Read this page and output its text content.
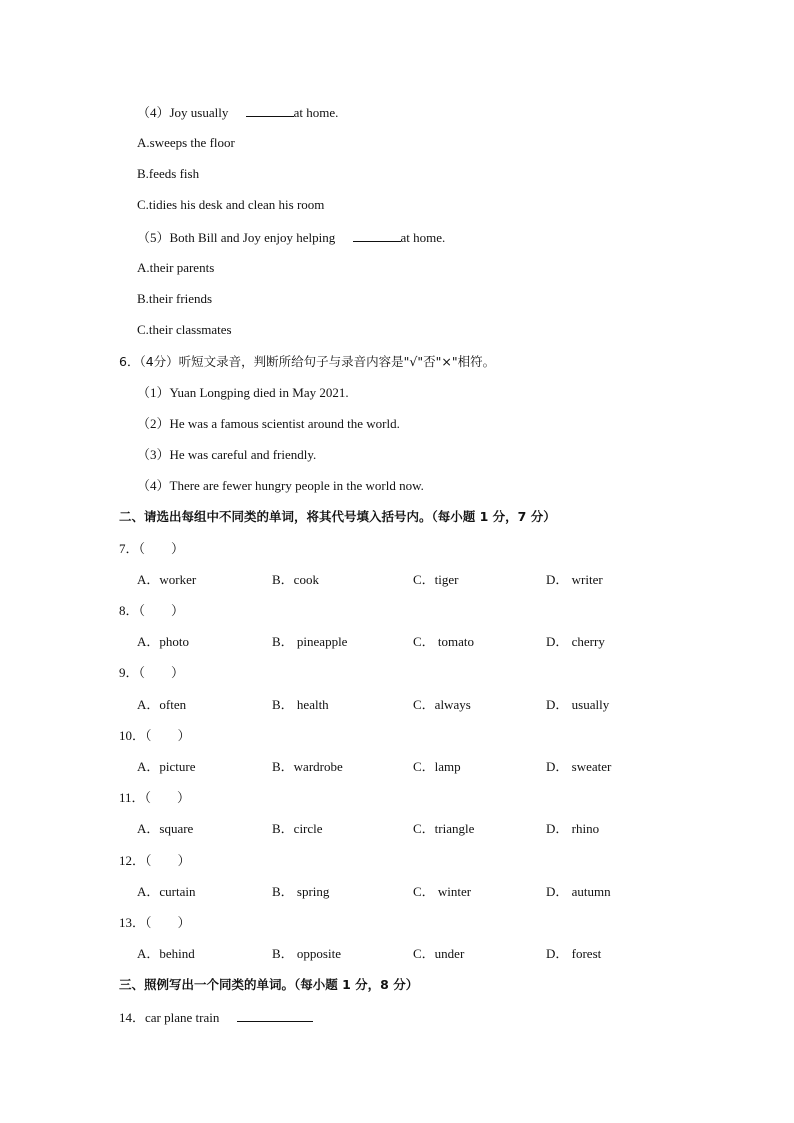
（4）Joy usually	at home.
A.sweeps the floor
B.feeds fish
C.tidies his desk and clean his room
（5）Both Bill and Joy enjoy helping	at home.
A.their parents
B.their friends
C.their classmates
6．（4分）听短文录音，判断所给句子与录音内容是"√"否"×"相符。
（1）Yuan Longping died in May 2021.
（2）He was a famous scientist around the world.
（3）He was careful and friendly.
（4）There are fewer hungry people in the world now.
二、请选出每组中不同类的单词，将其代号填入括号内。（每小题 1 分，7 分）
7．（　　）
A．worker	B．cook	C．tiger	D． writer
8．（　　）
A．photo	B． pineapple	C． tomato	D． cherry
9．（　　）
A．often	B． health	C．always	D． usually
10．（　　）
A．picture	B．wardrobe	C．lamp	D． sweater
11．（　　）
A．square	B．circle	C．triangle	D． rhino
12．（　　）
A．curtain	B． spring	C． winter	D． autumn
13．（　　）
A．behind	B． opposite	C．under	D． forest
三、照例写出一个同类的单词。（每小题 1 分，8 分）
14．car plane train
